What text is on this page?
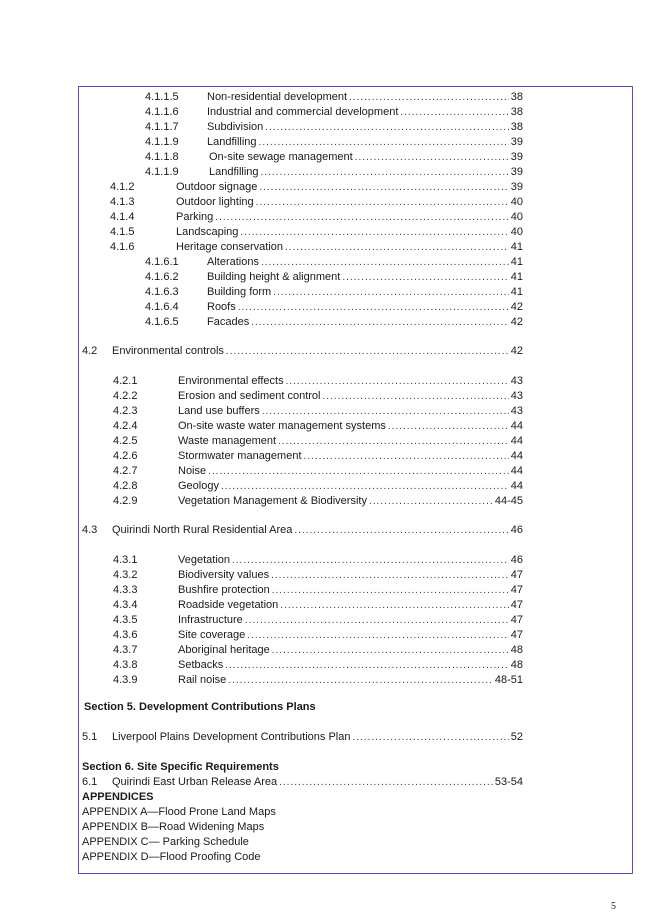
4.1.1.5	Non-residential development .....	38
4.1.1.6	Industrial and commercial development .....	38
4.1.1.7	Subdivision .....	38
4.1.1.9	Landfilling .....	39
4.1.1.8	On-site sewage management .....	39
4.1.1.9	Landfilling .....	39
4.1.2	Outdoor signage .....	39
4.1.3	Outdoor lighting .....	40
4.1.4	Parking .....	40
4.1.5	Landscaping .....	40
4.1.6	Heritage conservation .....	41
4.1.6.1	Alterations .....	41
4.1.6.2	Building height & alignment .....	41
4.1.6.3	Building form .....	41
4.1.6.4	Roofs .....	42
4.1.6.5	Facades .....	42
4.2 Environmental controls .....	42
4.2.1	Environmental effects .....	43
4.2.2	Erosion and sediment control .....	43
4.2.3	Land use buffers .....	43
4.2.4	On-site waste water management systems .....	44
4.2.5	Waste management .....	44
4.2.6	Stormwater management .....	44
4.2.7	Noise .....	44
4.2.8	Geology .....	44
4.2.9	Vegetation Management & Biodiversity .....	44-45
4.3 Quirindi North Rural Residential Area .....	46
4.3.1	Vegetation .....	46
4.3.2	Biodiversity values .....	47
4.3.3	Bushfire protection .....	47
4.3.4	Roadside vegetation .....	47
4.3.5	Infrastructure .....	47
4.3.6	Site coverage .....	47
4.3.7	Aboriginal heritage .....	48
4.3.8	Setbacks .....	48
4.3.9	Rail noise .....	48-51
5.1 Liverpool Plains Development Contributions Plan .....	52
6.1 Quirindi East Urban Release Area .....	53-54
Section 5. Development Contributions Plans
Section 6. Site Specific Requirements
APPENDICES
APPENDIX A—Flood Prone Land Maps
APPENDIX B—Road Widening Maps
APPENDIX C— Parking Schedule
APPENDIX D—Flood Proofing Code
5
